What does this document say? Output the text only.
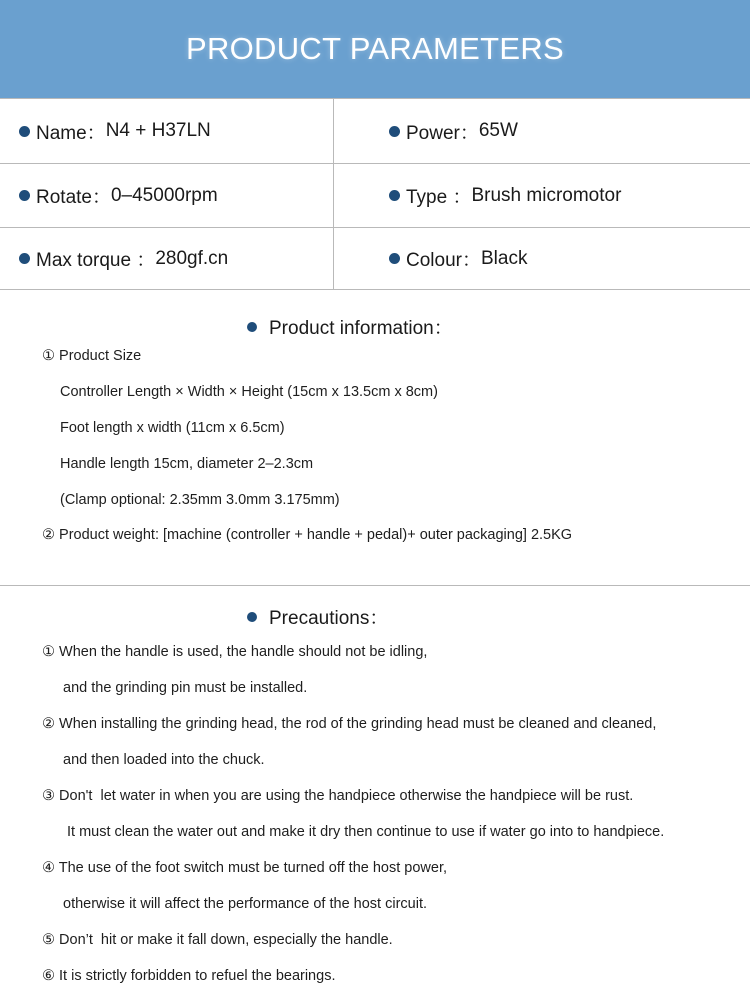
PRODUCT PARAMETERS
Name： N4 + H37LN	Power： 65W
Rotate： 0–45000rpm	Type ： Brush micromotor
Max torque ： 280gf.cn	Colour： Black
Product information：
① Product Size
Controller Length × Width × Height (15cm x 13.5cm x 8cm)
Foot length x width (11cm x 6.5cm)
Handle length 15cm, diameter 2–2.3cm
(Clamp optional: 2.35mm 3.0mm 3.175mm)
② Product weight: [machine (controller + handle + pedal)+ outer packaging] 2.5KG
Precautions：
① When the handle is used, the handle should not be idling,
and the grinding pin must be installed.
② When installing the grinding head, the rod of the grinding head must be cleaned and cleaned,
and then loaded into the chuck.
③ Don't  let water in when you are using the handpiece otherwise the handpiece will be rust.
It must clean the water out and make it dry then continue to use if water go into to handpiece.
④ The use of the foot switch must be turned off the host power,
otherwise it will affect the performance of the host circuit.
⑤ Don’t  hit or make it fall down, especially the handle.
⑥ It is strictly forbidden to refuel the bearings.
